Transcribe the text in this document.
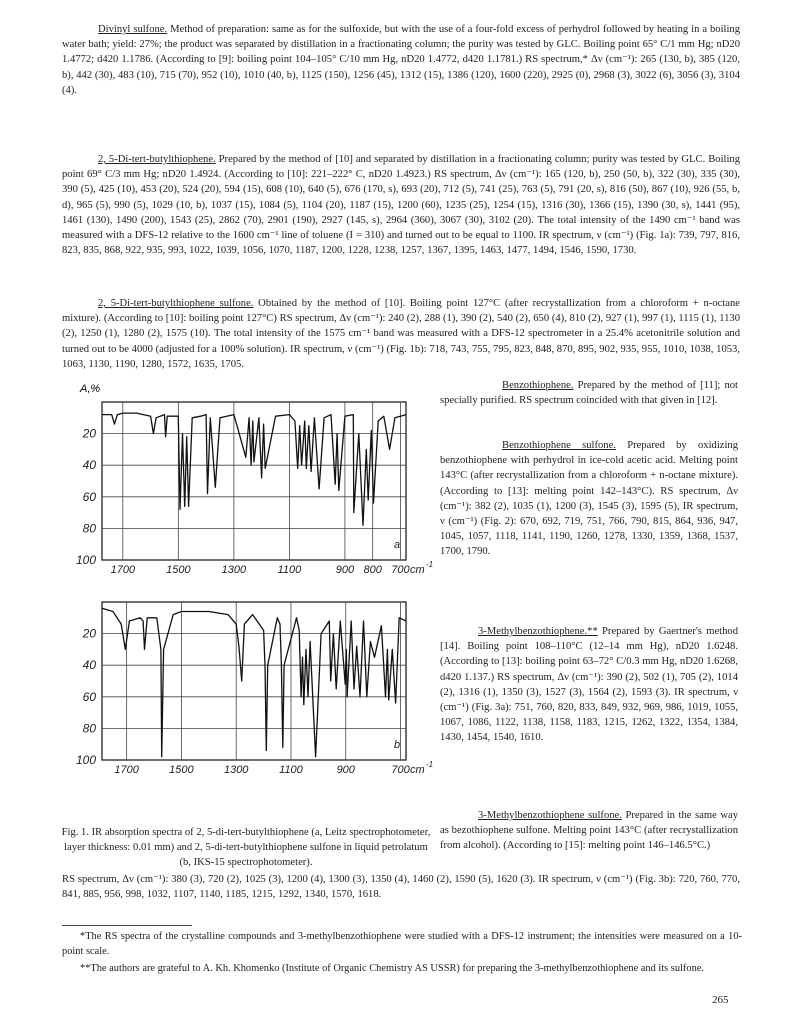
Divinyl sulfone. Method of preparation: same as for the sulfoxide, but with the use of a four-fold excess of perhydrol followed by heating in a boiling water bath; yield: 27%; the product was separated by distillation in a fractionating column; the purity was tested by GLC. Boiling point 65° C/1 mm Hg; nD20 1.4772; d420 1.1786. (According to [9]: boiling point 104–105° C/10 mm Hg, nD20 1.4772, d420 1.1781.) RS spectrum,* Δν (cm⁻¹): 265 (130, b), 385 (120, b), 442 (30), 483 (10), 715 (70), 952 (10), 1010 (40, b), 1125 (150), 1256 (45), 1312 (15), 1386 (120), 1600 (220), 2925 (0), 2968 (3), 3022 (6), 3056 (3), 3104 (4).
2, 5-Di-tert-butylthiophene. Prepared by the method of [10] and separated by distillation in a fractionating column; purity was tested by GLC. Boiling point 69° C/3 mm Hg; nD20 1.4924. (According to [10]: 221–222° C, nD20 1.4923.) RS spectrum, Δν (cm⁻¹): 165 (120, b), 250 (50, b), 322 (30), 335 (30), 390 (5), 425 (10), 453 (20), 524 (20), 594 (15), 608 (10), 640 (5), 676 (170, s), 693 (20), 712 (5), 741 (25), 763 (5), 791 (20, s), 816 (50), 867 (10), 926 (55, b, d), 965 (5), 990 (5), 1029 (10, b), 1037 (15), 1084 (5), 1104 (20), 1187 (15), 1200 (60), 1235 (25), 1254 (15), 1316 (30), 1366 (15), 1390 (30, s), 1441 (95), 1461 (130), 1490 (200), 1543 (25), 2862 (70), 2901 (190), 2927 (145, s), 2964 (360), 3067 (30), 3102 (20). The total intensity of the 1490 cm⁻¹ band was measured with a DFS-12 relative to the 1600 cm⁻¹ line of toluene (I = 310) and turned out to be equal to 1100. IR spectrum, ν (cm⁻¹) (Fig. 1a): 739, 797, 816, 823, 835, 868, 922, 935, 993, 1022, 1039, 1056, 1070, 1187, 1200, 1228, 1238, 1257, 1367, 1395, 1463, 1477, 1494, 1546, 1590, 1730.
2, 5-Di-tert-butylthiophene sulfone. Obtained by the method of [10]. Boiling point 127°C (after recrystallization from a chloroform + n-octane mixture). (According to [10]: boiling point 127°C) RS spectrum, Δν (cm⁻¹): 240 (2), 288 (1), 390 (2), 540 (2), 650 (4), 810 (2), 927 (1), 997 (1), 1115 (1), 1130 (2), 1250 (1), 1280 (2), 1575 (10). The total intensity of the 1575 cm⁻¹ band was measured with a DFS-12 spectrometer in a 25.4% acetonitrile solution and turned out to be 4000 (adjusted for a 100% solution). IR spectrum, ν (cm⁻¹) (Fig. 1b): 718, 743, 755, 795, 823, 848, 870, 895, 902, 935, 955, 1010, 1038, 1053, 1063, 1130, 1190, 1280, 1572, 1635, 1705.
A,%
20
40
60
80
100
1700	1500	1300	1100	900 800 700 cm -1
a
20
40
60
80
100
1700	1500	1300	1100	900	700 cm -1
b
Fig. 1. IR absorption spectra of 2, 5-di-tert-butylthiophene (a, Leitz spectrophotometer, layer thickness: 0.01 mm) and 2, 5-di-tert-butylthiophene sulfone in liquid petrolatum (b, IKS-15 spectrophotometer).
Benzothiophene. Prepared by the method of [11]; not specially purified. RS spectrum coincided with that given in [12].
Benzothiophene sulfone. Prepared by oxidizing benzothiophene with perhydrol in ice-cold acetic acid. Melting point 143°C (after recrystallization from a chloroform + n-octane mixture). (According to [13]: melting point 142–143°C). RS spectrum, Δν (cm⁻¹): 382 (2), 1035 (1), 1200 (3), 1545 (3), 1595 (5), IR spectrum, ν (cm⁻¹) (Fig. 2): 670, 692, 719, 751, 766, 790, 815, 864, 936, 947, 1045, 1057, 1118, 1141, 1190, 1260, 1278, 1330, 1359, 1368, 1537, 1700, 1790.
3-Methylbenzothiophene.** Prepared by Gaertner's method [14]. Boiling point 108–110°C (12–14 mm Hg), nD20 1.6248. (According to [13]: boiling point 63–72° C/0.3 mm Hg, nD20 1.6268, d420 1.137.) RS spectrum, Δν (cm⁻¹): 390 (2), 502 (1), 705 (2), 1014 (2), 1316 (1), 1350 (3), 1527 (3), 1564 (2), 1593 (3). IR spectrum, ν (cm⁻¹) (Fig. 3a): 751, 760, 820, 833, 849, 932, 969, 986, 1019, 1055, 1067, 1086, 1122, 1138, 1158, 1183, 1215, 1262, 1322, 1354, 1384, 1430, 1454, 1540, 1610.
3-Methylbenzothiophene sulfone. Prepared in the same way as bezothiophene sulfone. Melting point 143°C (after recrystallization from alcohol). (According to [15]: melting point 146–146.5°C.)
RS spectrum, Δν (cm⁻¹): 380 (3), 720 (2), 1025 (3), 1200 (4), 1300 (3), 1350 (4), 1460 (2), 1590 (5), 1620 (3). IR spectrum, ν (cm⁻¹) (Fig. 3b): 720, 760, 770, 841, 885, 956, 998, 1032, 1107, 1140, 1185, 1215, 1292, 1340, 1570, 1618.
*The RS spectra of the crystalline compounds and 3-methylbenzothiophene were studied with a DFS-12 instrument; the intensities were measured on a 10-point scale.
**The authors are grateful to A. Kh. Khomenko (Institute of Organic Chemistry AS USSR) for preparing the 3-methylbenzothiophene and its sulfone.
265
